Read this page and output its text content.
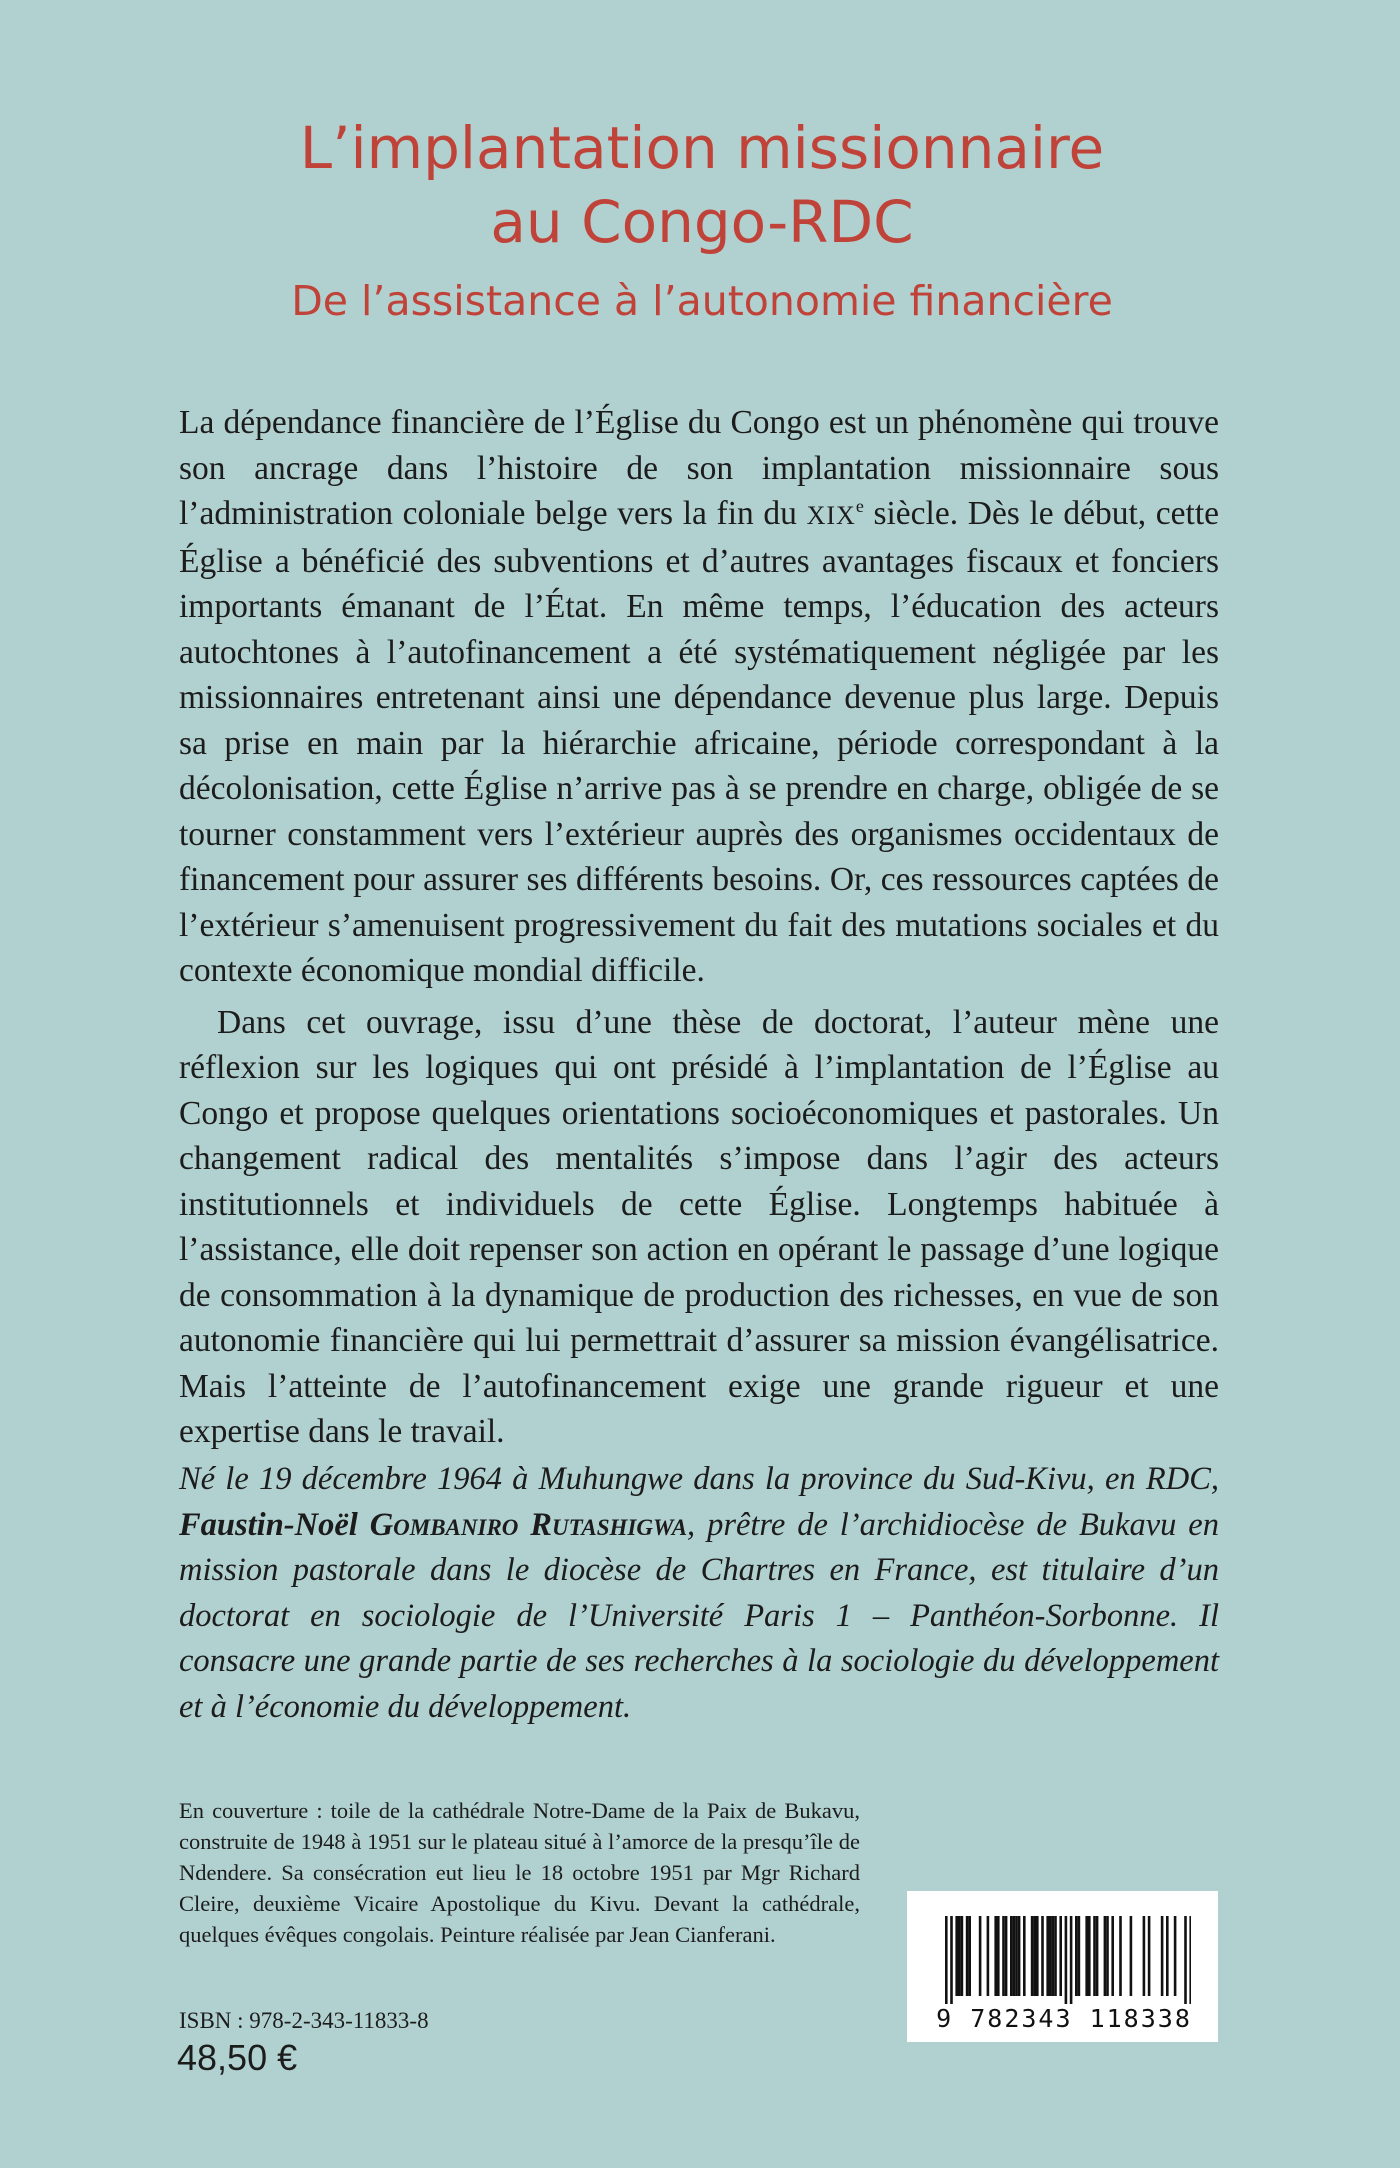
L’implantation missionnaire
au Congo-RDC
De l’assistance à l’autonomie financière

La dépendance financière de l’Église du Congo est un phénomène qui trouve son ancrage dans l’histoire de son implantation missionnaire sous l’administration coloniale belge vers la fin du XIXe siècle. Dès le début, cette Église a bénéficié des subventions et d’autres avantages fiscaux et fonciers importants émanant de l’État. En même temps, l’éducation des acteurs autochtones à l’autofinancement a été systématiquement négligée par les missionnaires entretenant ainsi une dépendance devenue plus large. Depuis sa prise en main par la hiérarchie africaine, période correspondant à la décolonisation, cette Église n’arrive pas à se prendre en charge, obligée de se tourner constamment vers l’extérieur auprès des organismes occidentaux de financement pour assurer ses différents besoins. Or, ces ressources captées de l’extérieur s’amenuisent progressivement du fait des mutations sociales et du contexte économique mondial difficile.

Dans cet ouvrage, issu d’une thèse de doctorat, l’auteur mène une réflexion sur les logiques qui ont présidé à l’implantation de l’Église au Congo et propose quelques orientations socioéconomiques et pastorales. Un changement radical des mentalités s’impose dans l’agir des acteurs institutionnels et individuels de cette Église. Longtemps habituée à l’assistance, elle doit repenser son action en opérant le passage d’une logique de consommation à la dynamique de production des richesses, en vue de son autonomie financière qui lui permettrait d’assurer sa mission évangélisatrice. Mais l’atteinte de l’autofinancement exige une grande rigueur et une expertise dans le travail.

Né le 19 décembre 1964 à Muhungwe dans la province du Sud-Kivu, en RDC, Faustin-Noël Gombaniro Rutashigwa, prêtre de l’archidiocèse de Bukavu en mission pastorale dans le diocèse de Chartres en France, est titulaire d’un doctorat en sociologie de l’Université Paris 1 – Panthéon-Sorbonne. Il consacre une grande partie de ses recherches à la sociologie du développement et à l’économie du développement.

En couverture : toile de la cathédrale Notre-Dame de la Paix de Bukavu, construite de 1948 à 1951 sur le plateau situé à l’amorce de la presqu’île de Ndendere. Sa consécration eut lieu le 18 octobre 1951 par Mgr Richard Cleire, deuxième Vicaire Apostolique du Kivu. Devant la cathédrale, quelques évêques congolais. Peinture réalisée par Jean Cianferani.

ISBN : 978-2-343-11833-8
48,50 €
9 782343 118338
